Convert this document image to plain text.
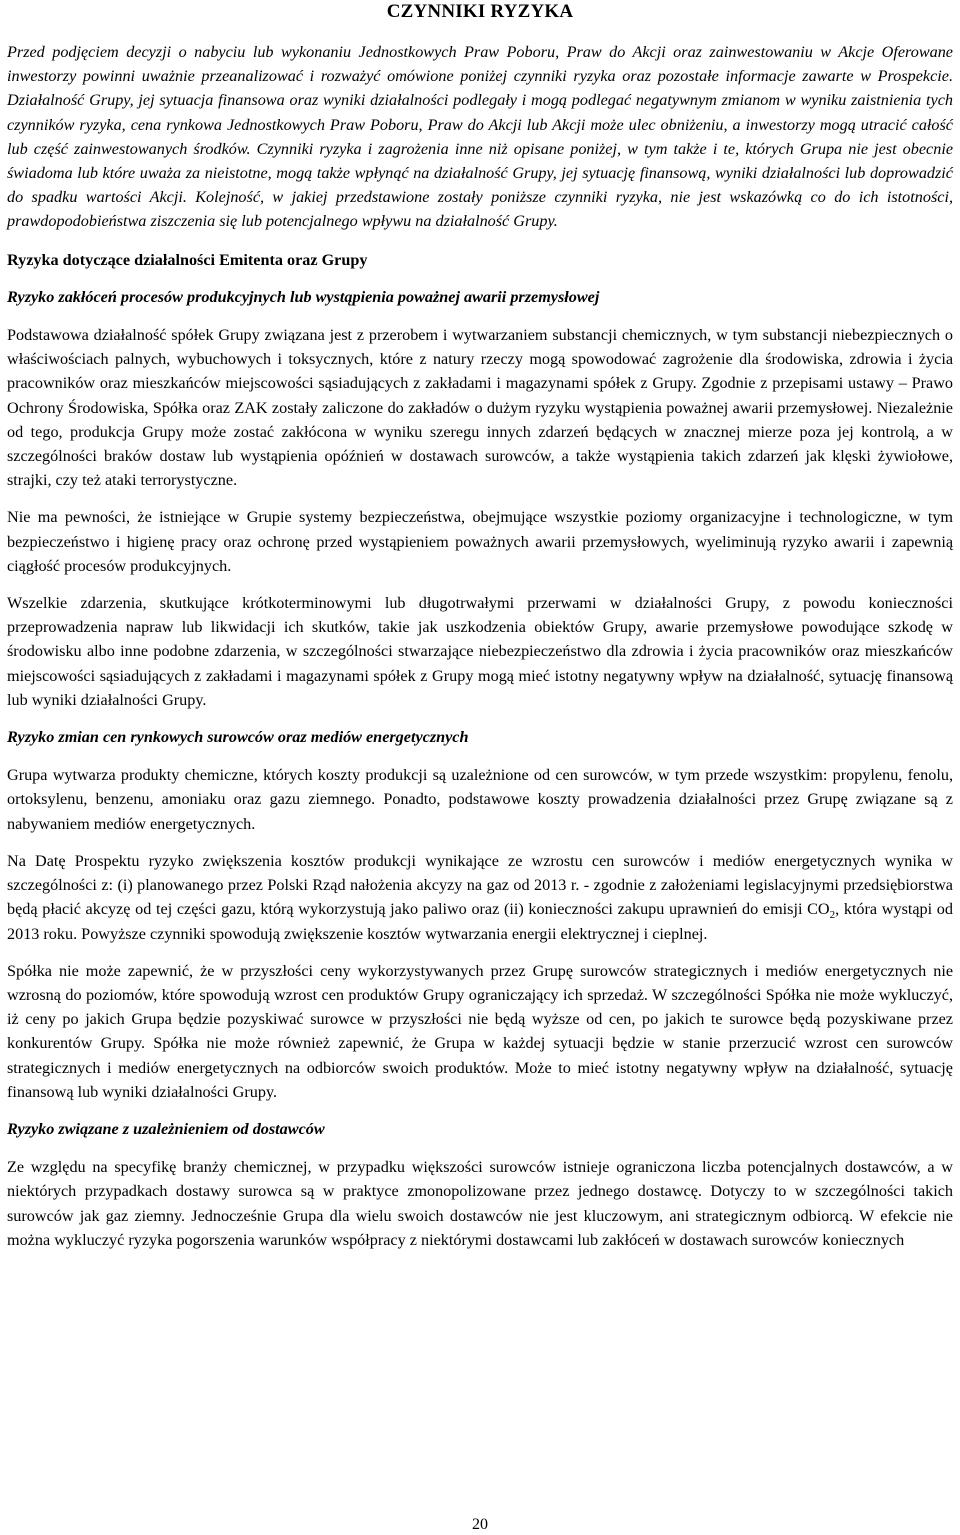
CZYNNIKI RYZYKA

Przed podjęciem decyzji o nabyciu lub wykonaniu Jednostkowych Praw Poboru, Praw do Akcji oraz zainwestowaniu w Akcje Oferowane inwestorzy powinni uważnie przeanalizować i rozważyć omówione poniżej czynniki ryzyka oraz pozostałe informacje zawarte w Prospekcie. Działalność Grupy, jej sytuacja finansowa oraz wyniki działalności podlegały i mogą podlegać negatywnym zmianom w wyniku zaistnienia tych czynników ryzyka, cena rynkowa Jednostkowych Praw Poboru, Praw do Akcji lub Akcji może ulec obniżeniu, a inwestorzy mogą utracić całość lub część zainwestowanych środków. Czynniki ryzyka i zagrożenia inne niż opisane poniżej, w tym także i te, których Grupa nie jest obecnie świadoma lub które uważa za nieistotne, mogą także wpłynąć na działalność Grupy, jej sytuację finansową, wyniki działalności lub doprowadzić do spadku wartości Akcji. Kolejność, w jakiej przedstawione zostały poniższe czynniki ryzyka, nie jest wskazówką co do ich istotności, prawdopodobieństwa ziszczenia się lub potencjalnego wpływu na działalność Grupy.

Ryzyka dotyczące działalności Emitenta oraz Grupy

Ryzyko zakłóceń procesów produkcyjnych lub wystąpienia poważnej awarii przemysłowej

Podstawowa działalność spółek Grupy związana jest z przerobem i wytwarzaniem substancji chemicznych, w tym substancji niebezpiecznych o właściwościach palnych, wybuchowych i toksycznych, które z natury rzeczy mogą spowodować zagrożenie dla środowiska, zdrowia i życia pracowników oraz mieszkańców miejscowości sąsiadujących z zakładami i magazynami spółek z Grupy. Zgodnie z przepisami ustawy – Prawo Ochrony Środowiska, Spółka oraz ZAK zostały zaliczone do zakładów o dużym ryzyku wystąpienia poważnej awarii przemysłowej. Niezależnie od tego, produkcja Grupy może zostać zakłócona w wyniku szeregu innych zdarzeń będących w znacznej mierze poza jej kontrolą, a w szczególności braków dostaw lub wystąpienia opóźnień w dostawach surowców, a także wystąpienia takich zdarzeń jak klęski żywiołowe, strajki, czy też ataki terrorystyczne.

Nie ma pewności, że istniejące w Grupie systemy bezpieczeństwa, obejmujące wszystkie poziomy organizacyjne i technologiczne, w tym bezpieczeństwo i higienę pracy oraz ochronę przed wystąpieniem poważnych awarii przemysłowych, wyeliminują ryzyko awarii i zapewnią ciągłość procesów produkcyjnych.

Wszelkie zdarzenia, skutkujące krótkoterminowymi lub długotrwałymi przerwami w działalności Grupy, z powodu konieczności przeprowadzenia napraw lub likwidacji ich skutków, takie jak uszkodzenia obiektów Grupy, awarie przemysłowe powodujące szkodę w środowisku albo inne podobne zdarzenia, w szczególności stwarzające niebezpieczeństwo dla zdrowia i życia pracowników oraz mieszkańców miejscowości sąsiadujących z zakładami i magazynami spółek z Grupy mogą mieć istotny negatywny wpływ na działalność, sytuację finansową lub wyniki działalności Grupy.

Ryzyko zmian cen rynkowych surowców oraz mediów energetycznych

Grupa wytwarza produkty chemiczne, których koszty produkcji są uzależnione od cen surowców, w tym przede wszystkim: propylenu, fenolu, ortoksylenu, benzenu, amoniaku oraz gazu ziemnego. Ponadto, podstawowe koszty prowadzenia działalności przez Grupę związane są z nabywaniem mediów energetycznych.

Na Datę Prospektu ryzyko zwiększenia kosztów produkcji wynikające ze wzrostu cen surowców i mediów energetycznych wynika w szczególności z: (i) planowanego przez Polski Rząd nałożenia akcyzy na gaz od 2013 r. - zgodnie z założeniami legislacyjnymi przedsiębiorstwa będą płacić akcyzę od tej części gazu, którą wykorzystują jako paliwo oraz (ii) konieczności zakupu uprawnień do emisji $CO_2$, która wystąpi od 2013 roku. Powyższe czynniki spowodują zwiększenie kosztów wytwarzania energii elektrycznej i cieplnej.

Spółka nie może zapewnić, że w przyszłości ceny wykorzystywanych przez Grupę surowców strategicznych i mediów energetycznych nie wzrosną do poziomów, które spowodują wzrost cen produktów Grupy ograniczający ich sprzedaż. W szczególności Spółka nie może wykluczyć, iż ceny po jakich Grupa będzie pozyskiwać surowce w przyszłości nie będą wyższe od cen, po jakich te surowce będą pozyskiwane przez konkurentów Grupy. Spółka nie może również zapewnić, że Grupa w każdej sytuacji będzie w stanie przerzucić wzrost cen surowców strategicznych i mediów energetycznych na odbiorców swoich produktów. Może to mieć istotny negatywny wpływ na działalność, sytuację finansową lub wyniki działalności Grupy.

Ryzyko związane z uzależnieniem od dostawców

Ze względu na specyfikę branży chemicznej, w przypadku większości surowców istnieje ograniczona liczba potencjalnych dostawców, a w niektórych przypadkach dostawy surowca są w praktyce zmonopolizowane przez jednego dostawcę. Dotyczy to w szczególności takich surowców jak gaz ziemny. Jednocześnie Grupa dla wielu swoich dostawców nie jest kluczowym, ani strategicznym odbiorcą. W efekcie nie można wykluczyć ryzyka pogorszenia warunków współpracy z niektórymi dostawcami lub zakłóceń w dostawach surowców koniecznych

20
